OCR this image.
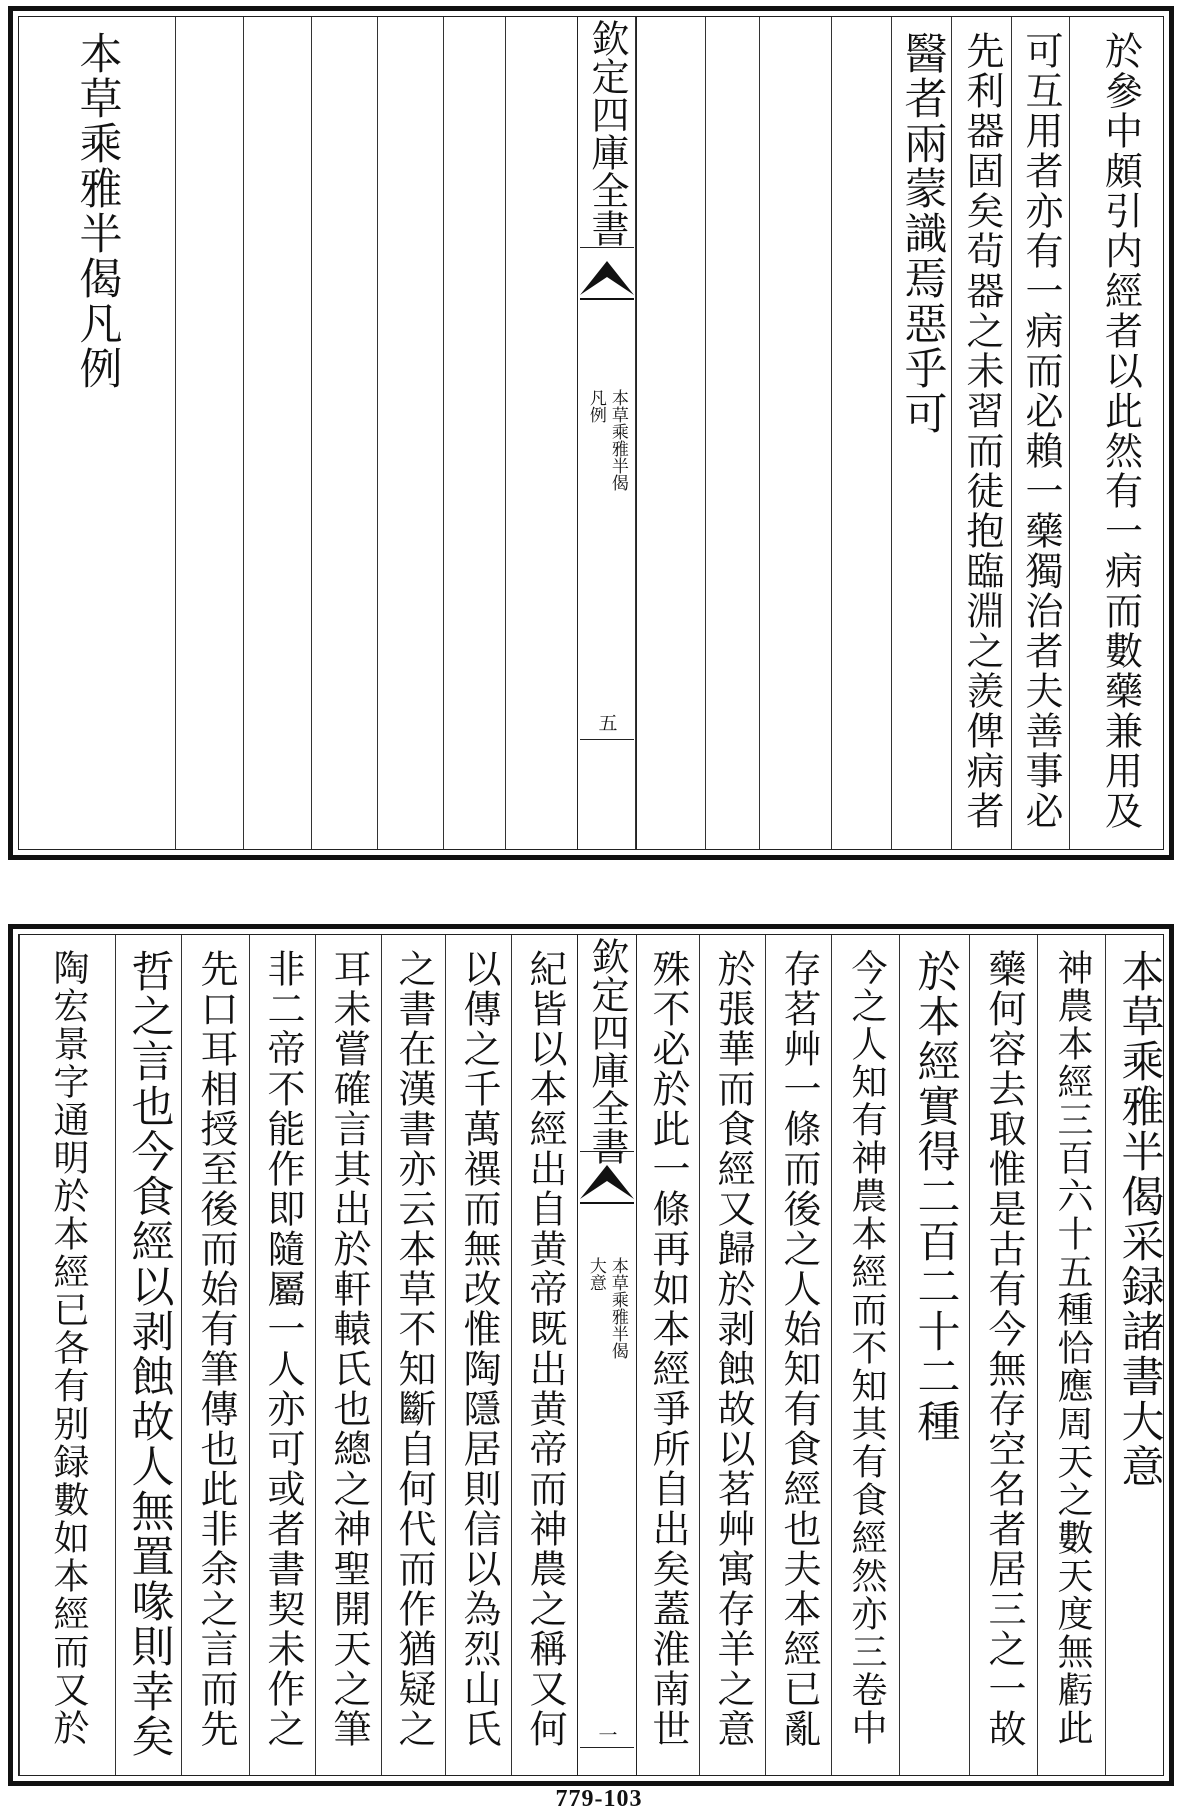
於參中頗引内經者以此然有一病而數藥兼用及
可互用者亦有一病而必賴一藥獨治者夫善事必
先利器固矣茍器之未習而徒抱臨淵之羨俾病者
醫者兩蒙識焉惡乎可
欽定四庫全書
本草乘雅半偈
凡例
五
本草乘雅半偈凡例
本草乘雅半偈采録諸書大意
神農本經三百六十五種恰應周天之數天度無虧此
藥何容去取惟是古有今無存空名者居三之一故
於本經實得二百二十二種
今之人知有神農本經而不知其有食經然亦三卷中
存茗艸一條而後之人始知有食經也夫本經已亂
於張華而食經又歸於剥蝕故以茗艸寓存羊之意
殊不必於此一條再如本經爭所自出矣蓋淮南世
欽定四庫全書
本草乘雅半偈
大意
一
紀皆以本經出自黄帝既出黄帝而神農之稱又何
以傳之千萬禩而無改惟陶隱居則信以為烈山氏
之書在漢書亦云本草不知斷自何代而作猶疑之
耳未嘗確言其出於軒轅氏也總之神聖開天之筆
非二帝不能作即隨屬一人亦可或者書契未作之
先口耳相授至後而始有筆傳也此非余之言而先
哲之言也今食經以剥蝕故人無置喙則幸矣
陶宏景字通明於本經已各有别録數如本經而又於
779-103
